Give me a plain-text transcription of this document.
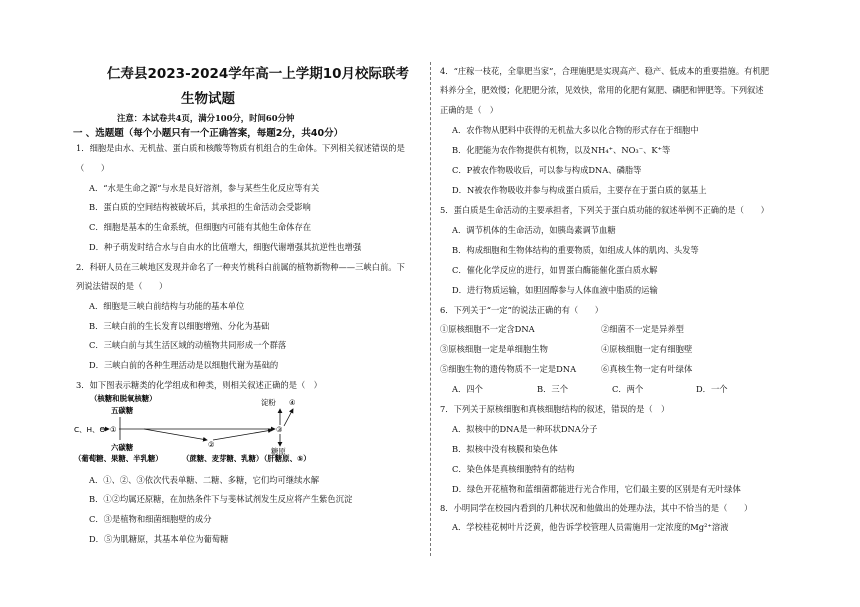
仁寿县2023-2024学年高一上学期10月校际联考
生物试题
注意：本试卷共4页，满分100分，时间60分钟
一 、选题题（每个小题只有一个正确答案，每题2分，共40分）
1．细胞是由水、无机盐、蛋白质和核酸等物质有机组合的生命体。下列相关叙述错误的是
（　　）
A．“水是生命之源”与水是良好溶剂，参与某些生化反应等有关
B．蛋白质的空间结构被破坏后，其承担的生命活动会受影响
C．细胞是基本的生命系统，但细胞内可能有其他生命体存在
D．种子萌发时结合水与自由水的比值增大，细胞代谢增强其抗逆性也增强
2．科研人员在三峡地区发现并命名了一种夹竹桃科白前属的植物新物种——三峡白前。下
列说法错误的是（　　）
A．细胞是三峡白前结构与功能的基本单位
B．三峡白前的生长发育以细胞增殖、分化为基础
C．三峡白前与其生活区域的动植物共同形成一个群落
D．三峡白前的各种生理活动是以细胞代谢为基础的
3．如下图表示糖类的化学组成和种类，则相关叙述正确的是（　）
（核糖和脱氧核糖）
五碳糖
C、H、O ①
②
③
淀粉 ④
糖原
六碳糖
（葡萄糖、果糖、半乳糖）	（蔗糖、麦芽糖、乳糖）
（肝糖原、⑤）
A．①、②、③依次代表单糖、二糖、多糖，它们均可继续水解
B．①②均属还原糖，在加热条件下与斐林试剂发生反应将产生紫色沉淀
C．③是植物和细菌细胞壁的成分
D．⑤为肌糖原，其基本单位为葡萄糖
4．“庄稼一枝花，全靠肥当家”，合理施肥是实现高产、稳产、低成本的重要措施。有机肥
料养分全，肥效慢；化肥肥分浓，见效快，常用的化肥有氮肥、磷肥和钾肥等。下列叙述
正确的是（　）
A．农作物从肥料中获得的无机盐大多以化合物的形式存在于细胞中
B．化肥能为农作物提供有机物，以及NH₄⁺、NO₃⁻、K⁺等
C．P被农作物吸收后，可以参与构成DNA、磷脂等
D．N被农作物吸收并参与构成蛋白质后，主要存在于蛋白质的氨基上
5．蛋白质是生命活动的主要承担者，下列关于蛋白质功能的叙述举例不正确的是（　　）
A．调节机体的生命活动，如胰岛素调节血糖
B．构成细胞和生物体结构的重要物质，如组成人体的肌肉、头发等
C．催化化学反应的进行，如胃蛋白酶能催化蛋白质水解
D．进行物质运输，如胆固醇参与人体血液中脂质的运输
6．下列关于“一定”的说法正确的有（　　）
①原核细胞不一定含DNA	②细菌不一定是异养型
③原核细胞一定是单细胞生物	④原核细胞一定有细胞壁
⑤细胞生物的遗传物质不一定是DNA	⑥真核生物一定有叶绿体
A．四个	B．三个	C．两个	D．一个
7．下列关于原核细胞和真核细胞结构的叙述，错误的是（　）
A．拟核中的DNA是一种环状DNA分子
B．拟核中没有核膜和染色体
C．染色体是真核细胞特有的结构
D．绿色开花植物和蓝细菌都能进行光合作用，它们最主要的区别是有无叶绿体
8．小明同学在校园内看到的几种状况和他做出的处理办法，其中不恰当的是（　　）
A．学校桂花树叶片泛黄，他告诉学校管理人员需施用一定浓度的Mg²⁺溶液
